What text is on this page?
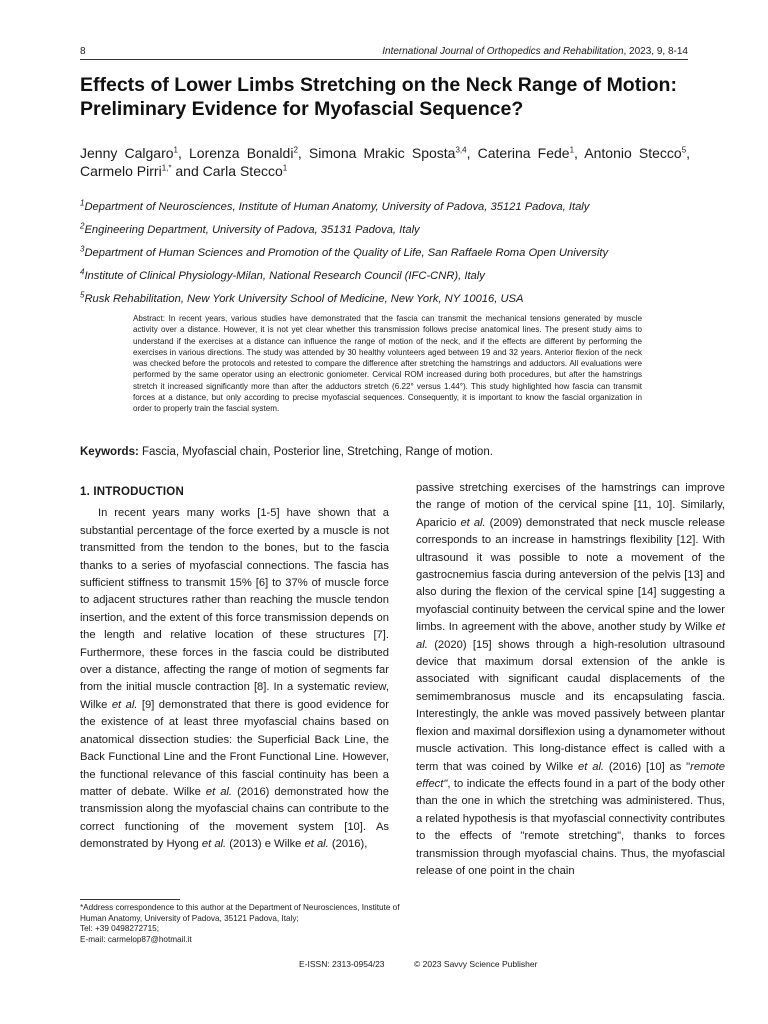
8	International Journal of Orthopedics and Rehabilitation, 2023, 9, 8-14
Effects of Lower Limbs Stretching on the Neck Range of Motion: Preliminary Evidence for Myofascial Sequence?
Jenny Calgaro$^1$, Lorenza Bonaldi$^2$, Simona Mrakic Sposta$^{3,4}$, Caterina Fede$^1$, Antonio Stecco$^5$, Carmelo Pirri$^{1,*}$ and Carla Stecco$^1$
$^1$Department of Neurosciences, Institute of Human Anatomy, University of Padova, 35121 Padova, Italy
$^2$Engineering Department, University of Padova, 35131 Padova, Italy
$^3$Department of Human Sciences and Promotion of the Quality of Life, San Raffaele Roma Open University
$^4$Institute of Clinical Physiology-Milan, National Research Council (IFC-CNR), Italy
$^5$Rusk Rehabilitation, New York University School of Medicine, New York, NY 10016, USA
Abstract: In recent years, various studies have demonstrated that the fascia can transmit the mechanical tensions generated by muscle activity over a distance. However, it is not yet clear whether this transmission follows precise anatomical lines. The present study aims to understand if the exercises at a distance can influence the range of motion of the neck, and if the effects are different by performing the exercises in various directions. The study was attended by 30 healthy volunteers aged between 19 and 32 years. Anterior flexion of the neck was checked before the protocols and retested to compare the difference after stretching the hamstrings and adductors. All evaluations were performed by the same operator using an electronic goniometer. Cervical ROM increased during both procedures, but after the hamstrings stretch it increased significantly more than after the adductors stretch (6.22° versus 1.44°). This study highlighted how fascia can transmit forces at a distance, but only according to precise myofascial sequences. Consequently, it is important to know the fascial organization in order to properly train the fascial system.
Keywords: Fascia, Myofascial chain, Posterior line, Stretching, Range of motion.
1. INTRODUCTION
In recent years many works [1-5] have shown that a substantial percentage of the force exerted by a muscle is not transmitted from the tendon to the bones, but to the fascia thanks to a series of myofascial connections. The fascia has sufficient stiffness to transmit 15% [6] to 37% of muscle force to adjacent structures rather than reaching the muscle tendon insertion, and the extent of this force transmission depends on the length and relative location of these structures [7]. Furthermore, these forces in the fascia could be distributed over a distance, affecting the range of motion of segments far from the initial muscle contraction [8]. In a systematic review, Wilke et al. [9] demonstrated that there is good evidence for the existence of at least three myofascial chains based on anatomical dissection studies: the Superficial Back Line, the Back Functional Line and the Front Functional Line. However, the functional relevance of this fascial continuity has been a matter of debate. Wilke et al. (2016) demonstrated how the transmission along the myofascial chains can contribute to the correct functioning of the movement system [10]. As demonstrated by Hyong et al. (2013) e Wilke et al. (2016),
passive stretching exercises of the hamstrings can improve the range of motion of the cervical spine [11, 10]. Similarly, Aparicio et al. (2009) demonstrated that neck muscle release corresponds to an increase in hamstrings flexibility [12]. With ultrasound it was possible to note a movement of the gastrocnemius fascia during anteversion of the pelvis [13] and also during the flexion of the cervical spine [14] suggesting a myofascial continuity between the cervical spine and the lower limbs. In agreement with the above, another study by Wilke et al. (2020) [15] shows through a high-resolution ultrasound device that maximum dorsal extension of the ankle is associated with significant caudal displacements of the semimembranosus muscle and its encapsulating fascia. Interestingly, the ankle was moved passively between plantar flexion and maximal dorsiflexion using a dynamometer without muscle activation. This long-distance effect is called with a term that was coined by Wilke et al. (2016) [10] as "remote effect", to indicate the effects found in a part of the body other than the one in which the stretching was administered. Thus, a related hypothesis is that myofascial connectivity contributes to the effects of "remote stretching", thanks to forces transmission through myofascial chains. Thus, the myofascial release of one point in the chain
*Address correspondence to this author at the Department of Neurosciences, Institute of Human Anatomy, University of Padova, 35121 Padova, Italy;
Tel: +39 0498272715;
E-mail: carmelop87@hotmail.it
E-ISSN: 2313-0954/23	© 2023 Savvy Science Publisher
